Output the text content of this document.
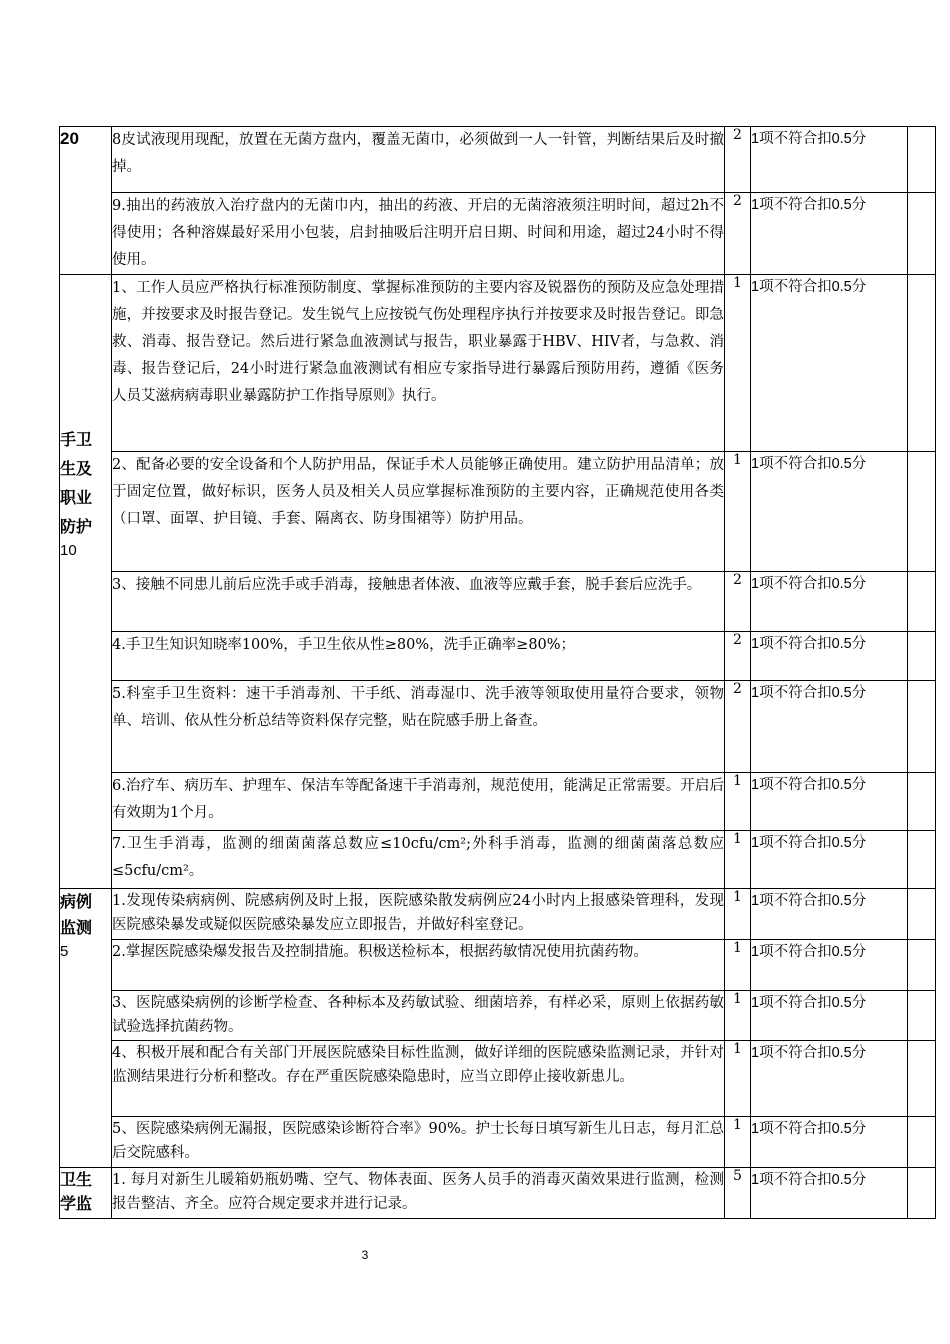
20	8皮试液现用现配，放置在无菌方盘内，覆盖无菌巾，必须做到一人一针管，判断结果后及时撤掉。	2	1项不符合扣0.5分	
	9.抽出的药液放入治疗盘内的无菌巾内，抽出的药液、开启的无菌溶液须注明时间，超过2h不得使用；各种溶媒最好采用小包装，启封抽吸后注明开启日期、时间和用途，超过24小时不得使用。	2	1项不符合扣0.5分	

手卫生及职业防护
10	1、工作人员应严格执行标准预防制度、掌握标准预防的主要内容及锐器伤的预防及应急处理措施，并按要求及时报告登记。发生锐气上应按锐气伤处理程序执行并按要求及时报告登记。即急救、消毒、报告登记。然后进行紧急血液测试与报告，职业暴露于HBV、HIV者，与急救、消毒、报告登记后，24小时进行紧急血液测试有相应专家指导进行暴露后预防用药，遵循《医务人员艾滋病病毒职业暴露防护工作指导原则》执行。	1	1项不符合扣0.5分	
	2、配备必要的安全设备和个人防护用品，保证手术人员能够正确使用。建立防护用品清单；放于固定位置，做好标识，医务人员及相关人员应掌握标准预防的主要内容，正确规范使用各类（口罩、面罩、护目镜、手套、隔离衣、防身围裙等）防护用品。	1	1项不符合扣0.5分	
	3、接触不同患儿前后应洗手或手消毒，接触患者体液、血液等应戴手套，脱手套后应洗手。	2	1项不符合扣0.5分	
	4.手卫生知识知晓率100%，手卫生依从性≥80%，洗手正确率≥80%；	2	1项不符合扣0.5分	
	5.科室手卫生资料：速干手消毒剂、干手纸、消毒湿巾、洗手液等领取使用量符合要求，领物单、培训、依从性分析总结等资料保存完整，贴在院感手册上备查。	2	1项不符合扣0.5分	
	6.治疗车、病历车、护理车、保洁车等配备速干手消毒剂，规范使用，能满足正常需要。开启后有效期为1个月。	1	1项不符合扣0.5分	
	7.卫生手消毒，监测的细菌菌落总数应≤10cfu/cm²;外科手消毒，监测的细菌菌落总数应≤5cfu/cm²。	1	1项不符合扣0.5分	

病例监测
5	1.发现传染病病例、院感病例及时上报，医院感染散发病例应24小时内上报感染管理科，发现医院感染暴发或疑似医院感染暴发应立即报告，并做好科室登记。	1	1项不符合扣0.5分	
	2.掌握医院感染爆发报告及控制措施。积极送检标本，根据药敏情况使用抗菌药物。	1	1项不符合扣0.5分	
	3、医院感染病例的诊断学检查、各种标本及药敏试验、细菌培养，有样必采，原则上依据药敏试验选择抗菌药物。	1	1项不符合扣0.5分	
	4、积极开展和配合有关部门开展医院感染目标性监测，做好详细的医院感染监测记录，并针对监测结果进行分析和整改。存在严重医院感染隐患时，应当立即停止接收新患儿。	1	1项不符合扣0.5分	
	5、医院感染病例无漏报，医院感染诊断符合率》90%。护士长每日填写新生儿日志，每月汇总后交院感科。	1	1项不符合扣0.5分	

卫生学监	1. 每月对新生儿暖箱奶瓶奶嘴、空气、物体表面、医务人员手的消毒灭菌效果进行监测，检测报告整洁、齐全。应符合规定要求并进行记录。	5	1项不符合扣0.5分	
3
